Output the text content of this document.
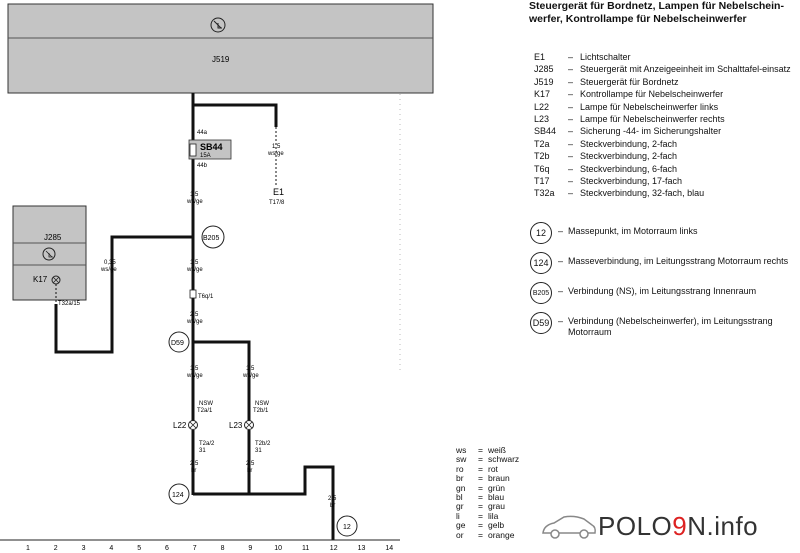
J519
1,5
ws/ge
E1
T17/8
SB44
15A
44a
44b
1,5
ws/ge
J285
K17
T32a/15
0,35
ws/ge
B205
1,5
ws/ge
T6q/1
2,5
ws/ge
D59
1,5
ws/ge
1,5
ws/ge
NSW
T2a/1
NSW
T2b/1
L22	L23
T2a/2
31
T2b/2
31
2,5
br
2,5
br
2,5
br
124
12
1	2	3	4	5	6	7	8	9	10	11	12	13	14
Steuergerät für Bordnetz, Lampen für Nebelschein-
werfer, Kontrollampe für Nebelscheinwerfer
E1	– Lichtschalter
J285	– Steuergerät mit Anzeigeeinheit im Schalttafel-einsatz
J519	– Steuergerät für Bordnetz
K17	– Kontrollampe für Nebelscheinwerfer
L22	– Lampe für Nebelscheinwerfer links
L23	– Lampe für Nebelscheinwerfer rechts
SB44	– Sicherung -44- im Sicherungshalter
T2a	– Steckverbindung, 2-fach
T2b	– Steckverbindung, 2-fach
T6q	– Steckverbindung, 6-fach
T17	– Steckverbindung, 17-fach
T32a	– Steckverbindung, 32-fach, blau
12	– Massepunkt, im Motorraum links
124	– Masseverbindung, im Leitungsstrang Motorraum rechts
B205 – Verbindung (NS), im Leitungsstrang Innenraum
D59 – Verbindung (Nebelscheinwerfer), im Leitungsstrang Motorraum
ws	= weiß
sw	= schwarz
ro	= rot
br	= braun
gn	= grün
bl	= blau
gr	= grau
li	= lila
ge	= gelb
or	= orange	POLO9N.info
